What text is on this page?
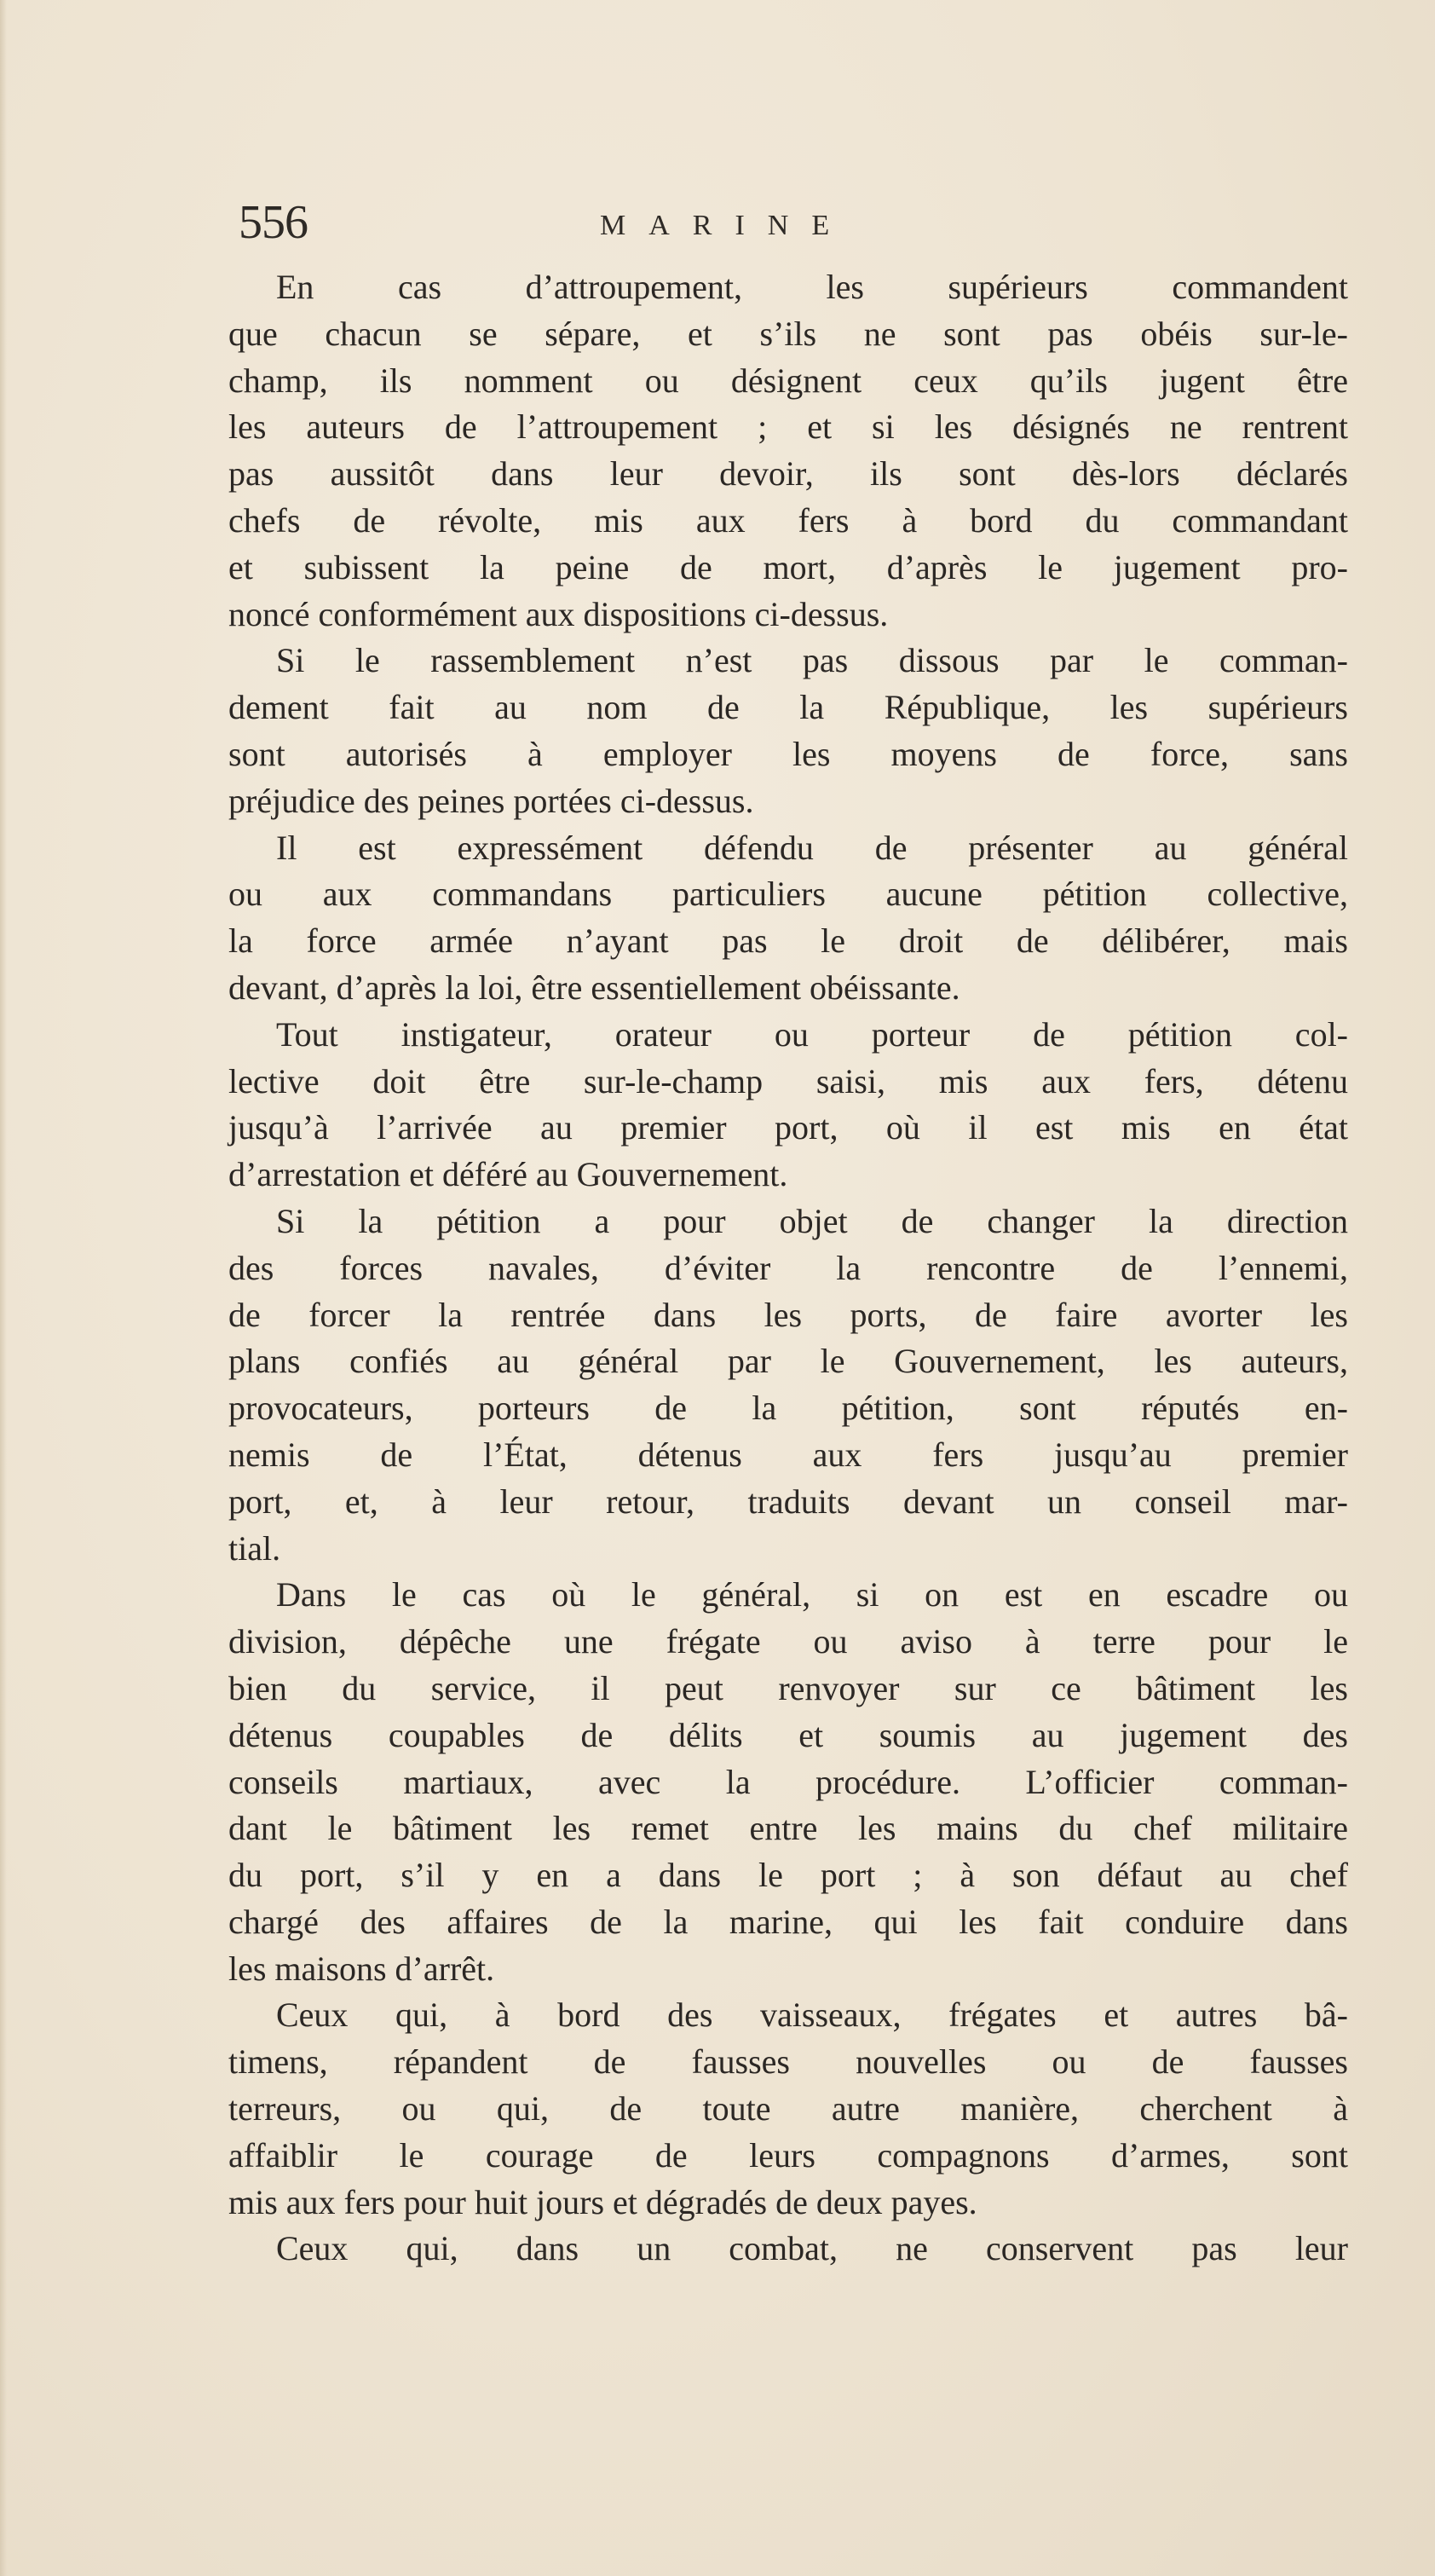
556	MARINE
En cas d’attroupement, les supérieurs commandent
que chacun se sépare, et s’ils ne sont pas obéis sur-le-
champ, ils nomment ou désignent ceux qu’ils jugent être
les auteurs de l’attroupement ; et si les désignés ne rentrent
pas aussitôt dans leur devoir, ils sont dès-lors déclarés
chefs de révolte, mis aux fers à bord du commandant
et subissent la peine de mort, d’après le jugement pro-
noncé conformément aux dispositions ci-dessus.
Si le rassemblement n’est pas dissous par le comman-
dement fait au nom de la République, les supérieurs
sont autorisés à employer les moyens de force, sans
préjudice des peines portées ci-dessus.
Il est expressément défendu de présenter au général
ou aux commandans particuliers aucune pétition collective,
la force armée n’ayant pas le droit de délibérer, mais
devant, d’après la loi, être essentiellement obéissante.
Tout instigateur, orateur ou porteur de pétition col-
lective doit être sur-le-champ saisi, mis aux fers, détenu
jusqu’à l’arrivée au premier port, où il est mis en état
d’arrestation et déféré au Gouvernement.
Si la pétition a pour objet de changer la direction
des forces navales, d’éviter la rencontre de l’ennemi,
de forcer la rentrée dans les ports, de faire avorter les
plans confiés au général par le Gouvernement, les auteurs,
provocateurs, porteurs de la pétition, sont réputés en-
nemis de l’État, détenus aux fers jusqu’au premier
port, et, à leur retour, traduits devant un conseil mar-
tial.
Dans le cas où le général, si on est en escadre ou
division, dépêche une frégate ou aviso à terre pour le
bien du service, il peut renvoyer sur ce bâtiment les
détenus coupables de délits et soumis au jugement des
conseils martiaux, avec la procédure. L’officier comman-
dant le bâtiment les remet entre les mains du chef militaire
du port, s’il y en a dans le port ; à son défaut au chef
chargé des affaires de la marine, qui les fait conduire dans
les maisons d’arrêt.
Ceux qui, à bord des vaisseaux, frégates et autres bâ-
timens, répandent de fausses nouvelles ou de fausses
terreurs, ou qui, de toute autre manière, cherchent à
affaiblir le courage de leurs compagnons d’armes, sont
mis aux fers pour huit jours et dégradés de deux payes.
Ceux qui, dans un combat, ne conservent pas leur
